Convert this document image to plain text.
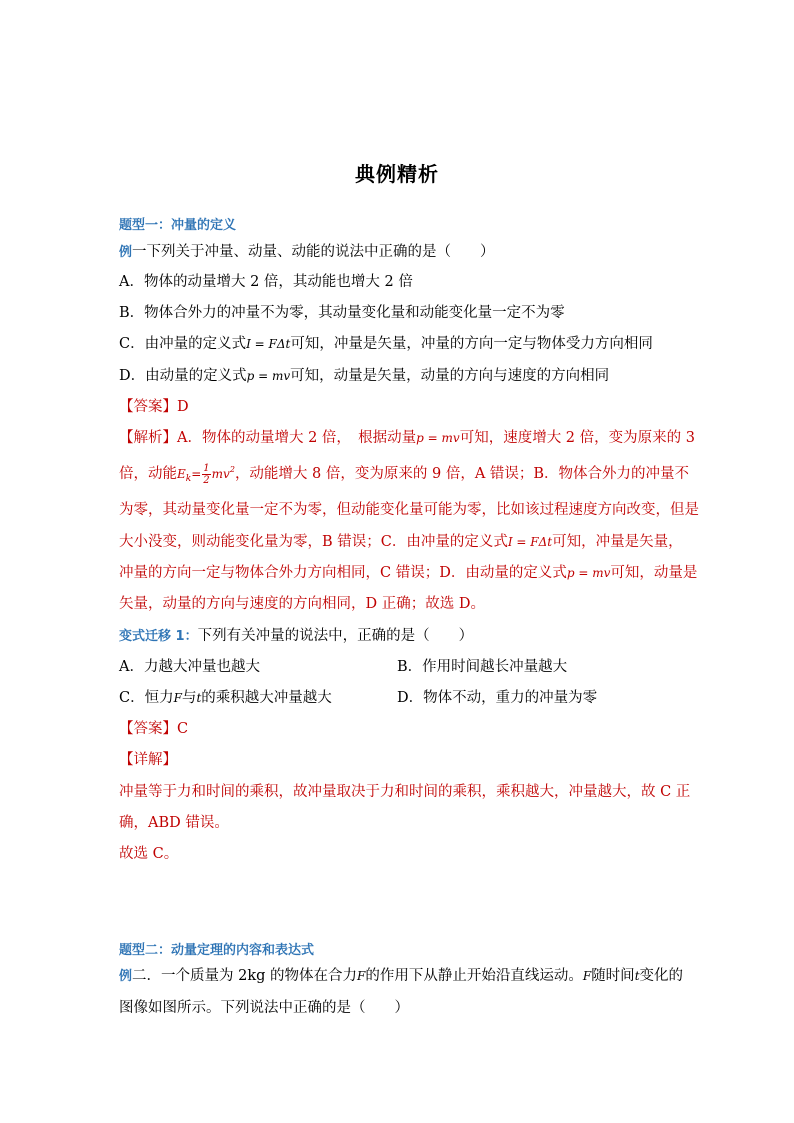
典例精析
题型一：冲量的定义
例一下列关于冲量、动量、动能的说法中正确的是（　　）
A．物体的动量增大 2 倍，其动能也增大 2 倍
B．物体合外力的冲量不为零，其动量变化量和动能变化量一定不为零
C．由冲量的定义式I = FΔt可知，冲量是矢量，冲量的方向一定与物体受力方向相同
D．由动量的定义式p = mv可知，动量是矢量，动量的方向与速度的方向相同
【答案】D
【解析】A．物体的动量增大 2 倍，　根据动量p = mv可知，速度增大 2 倍，变为原来的 3
倍，动能$E_k= \frac{1}{2} mv^2$，动能增大 8 倍，变为原来的 9 倍，A 错误；B．物体合外力的冲量不
为零，其动量变化量一定不为零，但动能变化量可能为零，比如该过程速度方向改变，但是
大小没变，则动能变化量为零，B 错误；C．由冲量的定义式I = FΔt可知，冲量是矢量，
冲量的方向一定与物体合外力方向相同，C 错误；D．由动量的定义式p = mv可知，动量是
矢量，动量的方向与速度的方向相同，D 正确；故选 D。
变式迁移 1：下列有关冲量的说法中，正确的是（　　）
A．力越大冲量也越大	B．作用时间越长冲量越大
C．恒力F与t的乘积越大冲量越大	D．物体不动，重力的冲量为零
【答案】C
【详解】
冲量等于力和时间的乘积，故冲量取决于力和时间的乘积，乘积越大，冲量越大，故 C 正
确，ABD 错误。
故选 C。
题型二：动量定理的内容和表达式
例二．一个质量为 2kg 的物体在合力F的作用下从静止开始沿直线运动。F随时间t变化的
图像如图所示。下列说法中正确的是（　　）
